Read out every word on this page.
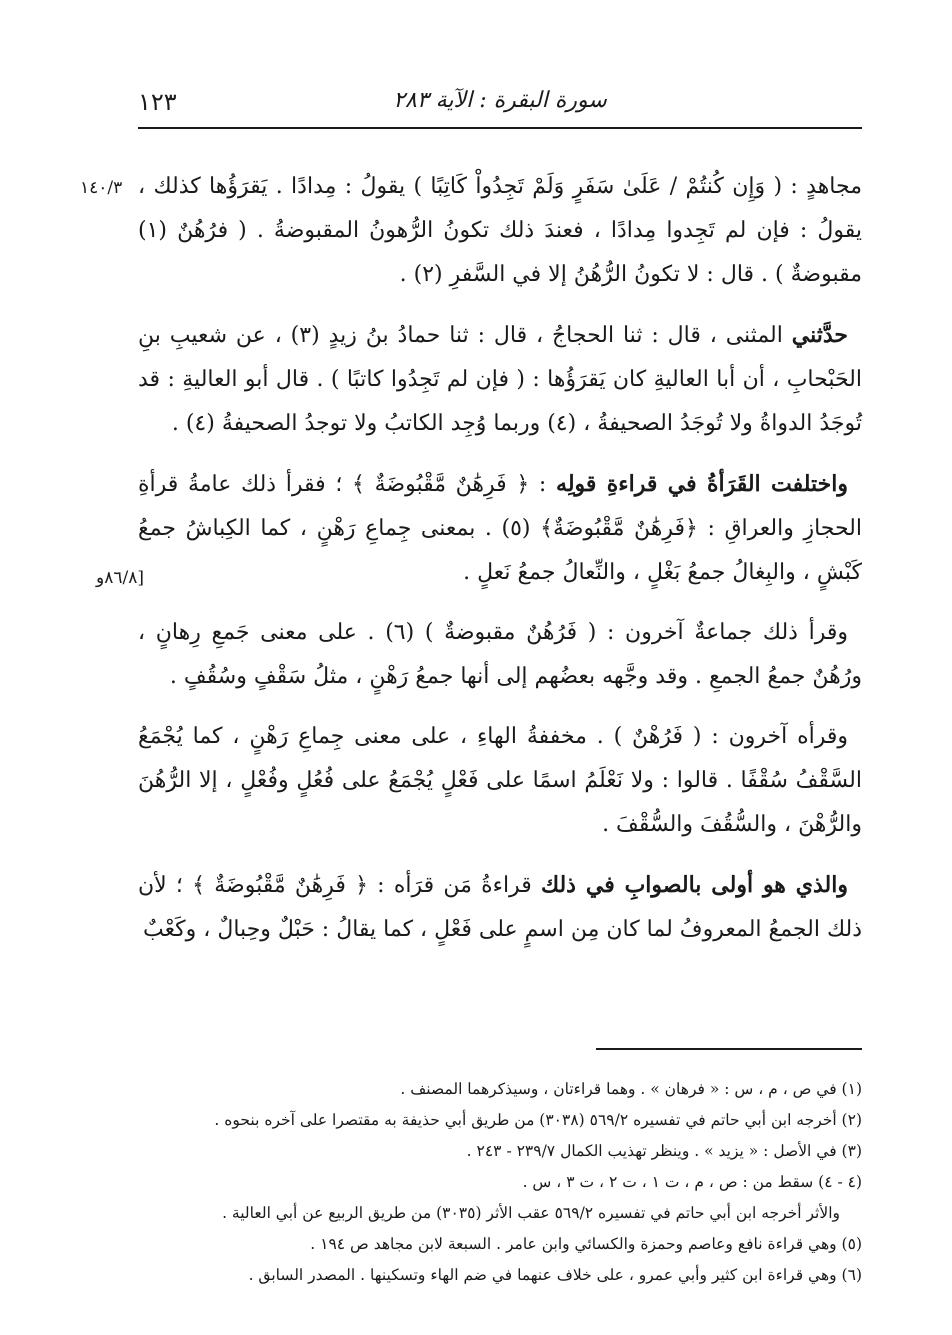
١٢٣	سورة البقرة : الآية ٢٨٣
١٤٠/٣
[٨٦/٨و

مجاهدٍ : ( وَإِن كُنتُمْ / عَلَىٰ سَفَرٍ وَلَمْ تَجِدُواْ كَاتِبًا ) يقولُ : مِدادًا . يَقرَؤُها كذلك ، يقولُ : فإن لم تَجِدوا مِدادًا ، فعندَ ذلك تكونُ الرُّهونُ المقبوضةُ . ( فرُهُنٌ (١) مقبوضةٌ ) . قال : لا تكونُ الرُّهُنُ إلا في السَّفرِ (٢) .

حدَّثني المثنى ، قال : ثنا الحجاجُ ، قال : ثنا حمادُ بنُ زيدٍ (٣) ، عن شعيبِ بنِ الحَبْحابِ ، أن أبا العاليةِ كان يَقرَؤُها : ( فإن لم تَجِدُوا كاتبًا ) . قال أبو العاليةِ : قد تُوجَدُ الدواةُ ولا تُوجَدُ الصحيفةُ ، (٤) وربما وُجِد الكاتبُ ولا توجدُ الصحيفةُ (٤) .

واختلفت القَرَأةُ في قراءةِ قولِه : ﴿ فَرِهَٰنٌ مَّقْبُوضَةٌ ﴾ ؛ فقرأ ذلك عامةُ قرأةِ الحجازِ والعراقِ : ﴿فَرِهَٰنٌ مَّقْبُوضَةٌ﴾ (٥) . بمعنى جِماعِ رَهْنٍ ، كما الكِباشُ جمعُ كَبْشٍ ، والبِغالُ جمعُ بَغْلٍ ، والنِّعالُ جمعُ نَعلٍ .

وقرأ ذلك جماعةٌ آخرون : ( فَرُهُنٌ مقبوضةٌ ) (٦) . على معنى جَمعِ رِهانٍ ، ورُهُنٌ جمعُ الجمعِ . وقد وجَّهه بعضُهم إلى أنها جمعُ رَهْنٍ ، مثلُ سَقْفٍ وسُقُفٍ .

وقرأه آخرون : ( فَرُهْنٌ ) . مخففةُ الهاءِ ، على معنى جِماعِ رَهْنٍ ، كما يُجْمَعُ السَّقْفُ سُقْفًا . قالوا : ولا نَعْلَمُ اسمًا على فَعْلٍ يُجْمَعُ على فُعُلٍ وفُعْلٍ ، إلا الرُّهُنَ والرُّهْنَ ، والسُّقُفَ والسُّقْفَ .

والذي هو أولى بالصوابِ في ذلك قراءةُ مَن قرَأه : ﴿ فَرِهَٰنٌ مَّقْبُوضَةٌ ﴾ ؛ لأن ذلك الجمعُ المعروفُ لما كان مِن اسمٍ على فَعْلٍ ، كما يقالُ : حَبْلٌ وحِبالٌ ، وكَعْبٌ

(١) في ص ، م ، س : « فرهان » . وهما قراءتان ، وسيذكرهما المصنف .
(٢) أخرجه ابن أبي حاتم في تفسيره ٥٦٩/٢ (٣٠٣٨) من طريق أبي حذيفة به مقتصرا على آخره بنحوه .
(٣) في الأصل : « يزيد » . وينظر تهذيب الكمال ٢٣٩/٧ - ٢٤٣ .
(٤ - ٤) سقط من : ص ، م ، ت ١ ، ت ٢ ، ت ٣ ، س .
والأثر أخرجه ابن أبي حاتم في تفسيره ٥٦٩/٢ عقب الأثر (٣٠٣٥) من طريق الربيع عن أبي العالية .
(٥) وهي قراءة نافع وعاصم وحمزة والكسائي وابن عامر . السبعة لابن مجاهد ص ١٩٤ .
(٦) وهي قراءة ابن كثير وأبي عمرو ، على خلاف عنهما في ضم الهاء وتسكينها . المصدر السابق .
